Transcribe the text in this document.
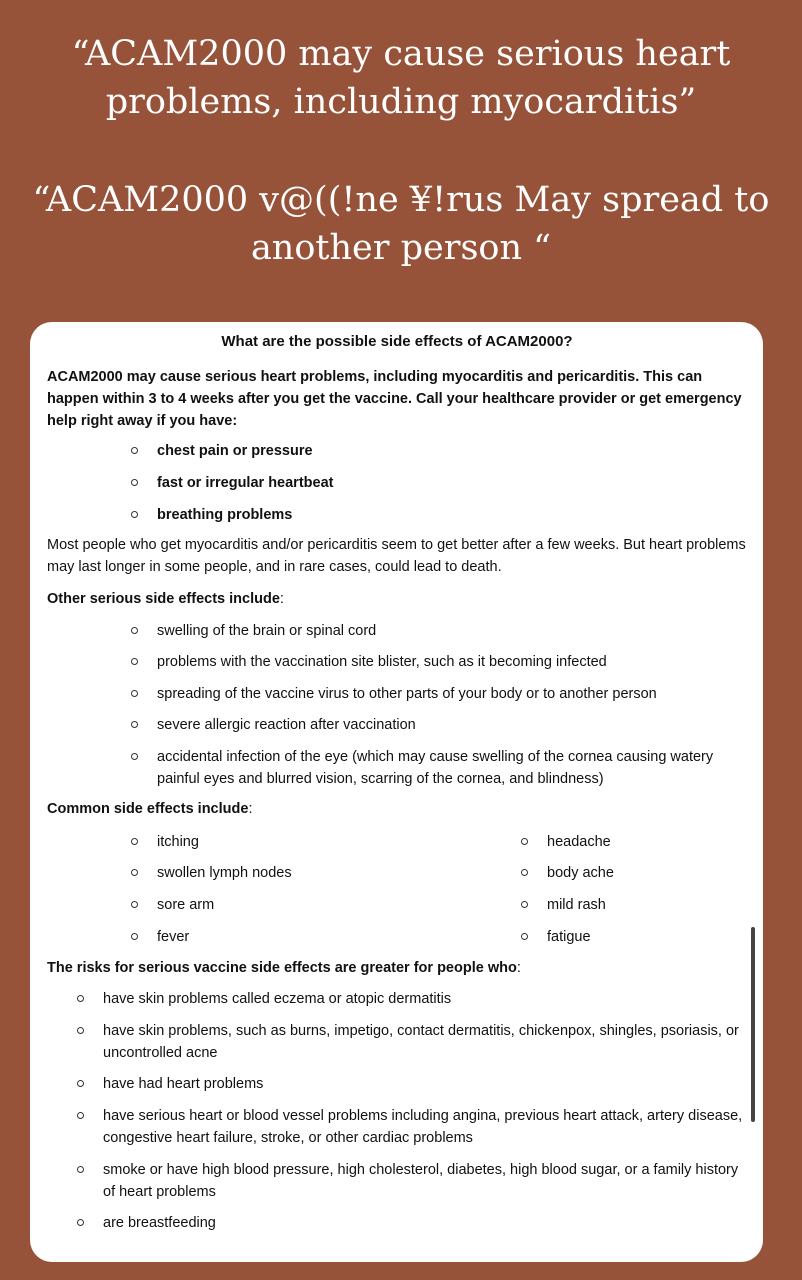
“ACAM2000 may cause serious heart problems, including myocarditis”
“ACAM2000 v@((!ne ¥!rus May spread to another person “

What are the possible side effects of ACAM2000?

ACAM2000 may cause serious heart problems, including myocarditis and pericarditis. This can happen within 3 to 4 weeks after you get the vaccine. Call your healthcare provider or get emergency help right away if you have:

chest pain or pressure
fast or irregular heartbeat
breathing problems

Most people who get myocarditis and/or pericarditis seem to get better after a few weeks. But heart problems may last longer in some people, and in rare cases, could lead to death.

Other serious side effects include:

swelling of the brain or spinal cord
problems with the vaccination site blister, such as it becoming infected
spreading of the vaccine virus to other parts of your body or to another person
severe allergic reaction after vaccination
accidental infection of the eye (which may cause swelling of the cornea causing watery painful eyes and blurred vision, scarring of the cornea, and blindness)

Common side effects include:

itching
swollen lymph nodes
sore arm
fever
headache
body ache
mild rash
fatigue

The risks for serious vaccine side effects are greater for people who:

have skin problems called eczema or atopic dermatitis
have skin problems, such as burns, impetigo, contact dermatitis, chickenpox, shingles, psoriasis, or uncontrolled acne
have had heart problems
have serious heart or blood vessel problems including angina, previous heart attack, artery disease, congestive heart failure, stroke, or other cardiac problems
smoke or have high blood pressure, high cholesterol, diabetes, high blood sugar, or a family history of heart problems
are breastfeeding
